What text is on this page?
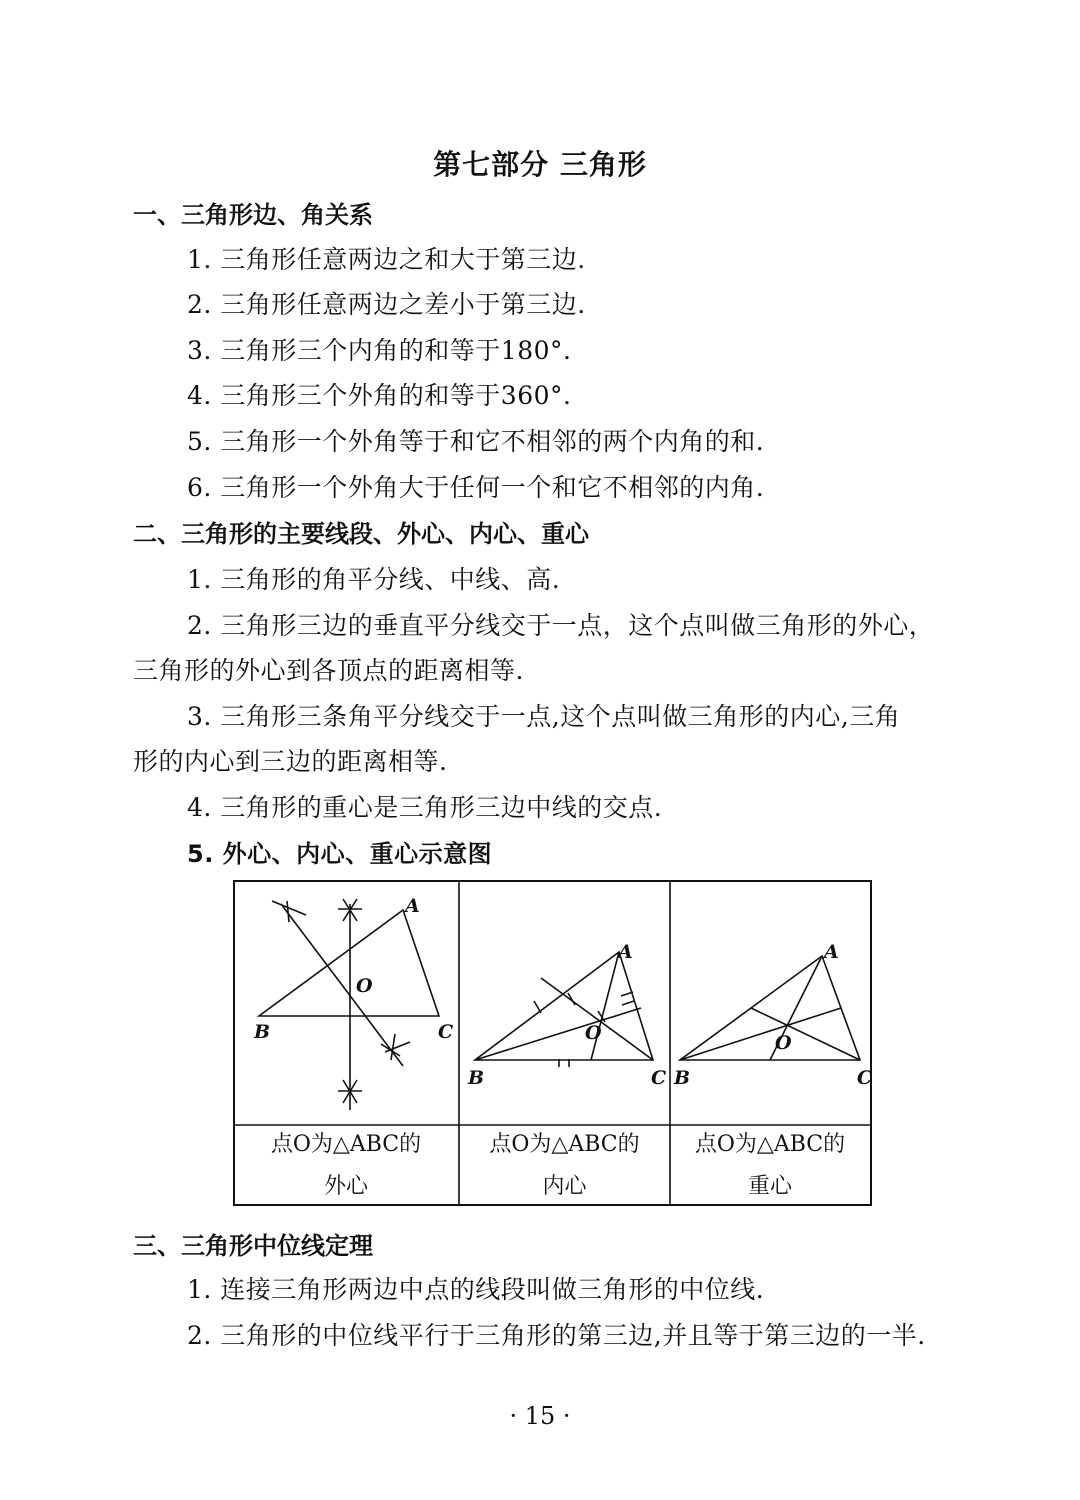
第七部分 三角形
一、三角形边、角关系
1. 三角形任意两边之和大于第三边.
2. 三角形任意两边之差小于第三边.
3. 三角形三个内角的和等于180°.
4. 三角形三个外角的和等于360°.
5. 三角形一个外角等于和它不相邻的两个内角的和.
6. 三角形一个外角大于任何一个和它不相邻的内角.
二、三角形的主要线段、外心、内心、重心
1. 三角形的角平分线、中线、高.
2. 三角形三边的垂直平分线交于一点，这个点叫做三角形的外心，
三角形的外心到各顶点的距离相等.
3. 三角形三条角平分线交于一点,这个点叫做三角形的内心,三角
形的内心到三边的距离相等.
4. 三角形的重心是三角形三边中线的交点.
5. 外心、内心、重心示意图
A
B	C
O
A
B	C
O
A
B	C
O
点O为△ABC的
外心
点O为△ABC的
内心
点O为△ABC的
重心
三、三角形中位线定理
1. 连接三角形两边中点的线段叫做三角形的中位线.
2. 三角形的中位线平行于三角形的第三边,并且等于第三边的一半.
· 15 ·
